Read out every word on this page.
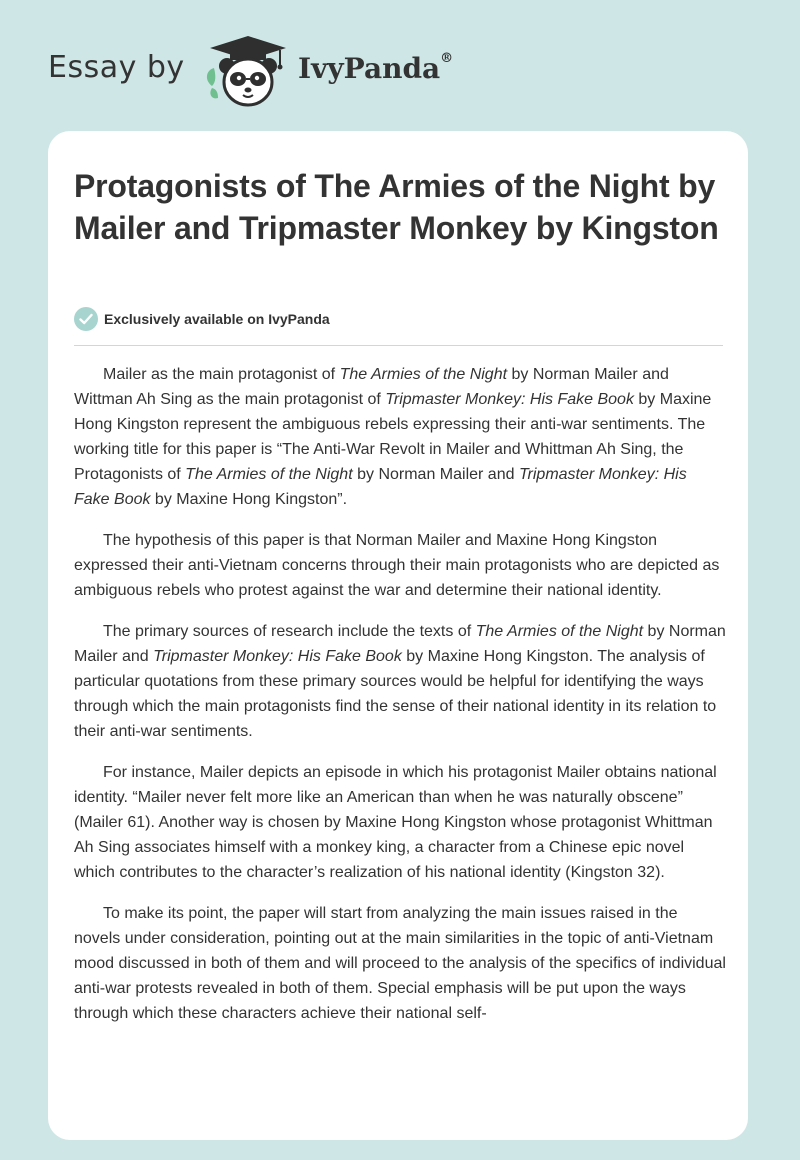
Essay by	IvyPanda®
Protagonists of The Armies of the Night by Mailer and Tripmaster Monkey by Kingston
Exclusively available on IvyPanda

Mailer as the main protagonist of The Armies of the Night by Norman Mailer and Wittman Ah Sing as the main protagonist of Tripmaster Monkey: His Fake Book by Maxine Hong Kingston represent the ambiguous rebels expressing their anti-war sentiments. The working title for this paper is “The Anti-War Revolt in Mailer and Whittman Ah Sing, the Protagonists of The Armies of the Night by Norman Mailer and Tripmaster Monkey: His Fake Book by Maxine Hong Kingston”.

The hypothesis of this paper is that Norman Mailer and Maxine Hong Kingston expressed their anti-Vietnam concerns through their main protagonists who are depicted as ambiguous rebels who protest against the war and determine their national identity.

The primary sources of research include the texts of The Armies of the Night by Norman Mailer and Tripmaster Monkey: His Fake Book by Maxine Hong Kingston. The analysis of particular quotations from these primary sources would be helpful for identifying the ways through which the main protagonists find the sense of their national identity in its relation to their anti-war sentiments.

For instance, Mailer depicts an episode in which his protagonist Mailer obtains national identity. “Mailer never felt more like an American than when he was naturally obscene” (Mailer 61). Another way is chosen by Maxine Hong Kingston whose protagonist Whittman Ah Sing associates himself with a monkey king, a character from a Chinese epic novel which contributes to the character’s realization of his national identity (Kingston 32).

To make its point, the paper will start from analyzing the main issues raised in the novels under consideration, pointing out at the main similarities in the topic of anti-Vietnam mood discussed in both of them and will proceed to the analysis of the specifics of individual anti-war protests revealed in both of them. Special emphasis will be put upon the ways through which these characters achieve their national self-
